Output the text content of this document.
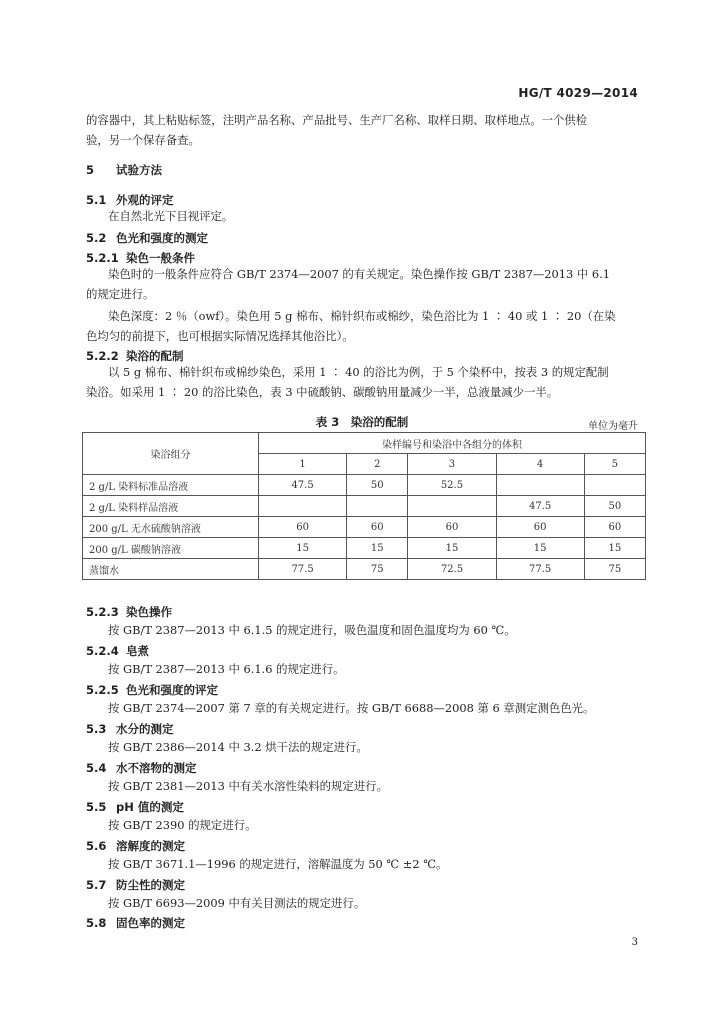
HG/T 4029—2014

的容器中，其上粘贴标签，注明产品名称、产品批号、生产厂名称、取样日期、取样地点。一个供检

验，另一个保存备查。

5 试验方法
5.1 外观的评定

在自然北光下目视评定。

5.2 色光和强度的测定
5.2.1 染色一般条件

染色时的一般条件应符合 GB/T 2374—2007 的有关规定。染色操作按 GB/T 2387—2013 中 6.1

的规定进行。

染色深度：2 ％（owf）。染色用 5 g 棉布、棉针织布或棉纱，染色浴比为 1 ∶ 40 或 1 ∶ 20（在染

色均匀的前提下，也可根据实际情况选择其他浴比）。

5.2.2 染浴的配制

以 5 g 棉布、棉针织布或棉纱染色，采用 1 ∶ 40 的浴比为例，于 5 个染杯中，按表 3 的规定配制

染浴。如采用 1 ∶ 20 的浴比染色，表 3 中硫酸钠、碳酸钠用量减少一半，总液量减少一半。

表 3　染浴的配制	单位为毫升
染浴组分	染样编号和染浴中各组分的体积				
	1	2	3	4	5
2 g/L 染料标准品溶液	47.5	50	52.5		
2 g/L 染料样品溶液				47.5	50
200 g/L 无水硫酸钠溶液	60	60	60	60	60
200 g/L 碳酸钠溶液	15	15	15	15	15
蒸馏水	77.5	75	72.5	77.5	75
5.2.3 染色操作

按 GB/T 2387—2013 中 6.1.5 的规定进行，吸色温度和固色温度均为 60 ℃。

5.2.4 皂煮

按 GB/T 2387—2013 中 6.1.6 的规定进行。

5.2.5 色光和强度的评定

按 GB/T 2374—2007 第 7 章的有关规定进行。按 GB/T 6688—2008 第 6 章测定测色色光。

5.3 水分的测定

按 GB/T 2386—2014 中 3.2 烘干法的规定进行。

5.4 水不溶物的测定

按 GB/T 2381—2013 中有关水溶性染料的规定进行。

5.5 pH 值的测定

按 GB/T 2390 的规定进行。

5.6 溶解度的测定

按 GB/T 3671.1—1996 的规定进行，溶解温度为 50 ℃ ±2 ℃。

5.7 防尘性的测定

按 GB/T 6693—2009 中有关目测法的规定进行。

5.8 固色率的测定
3
